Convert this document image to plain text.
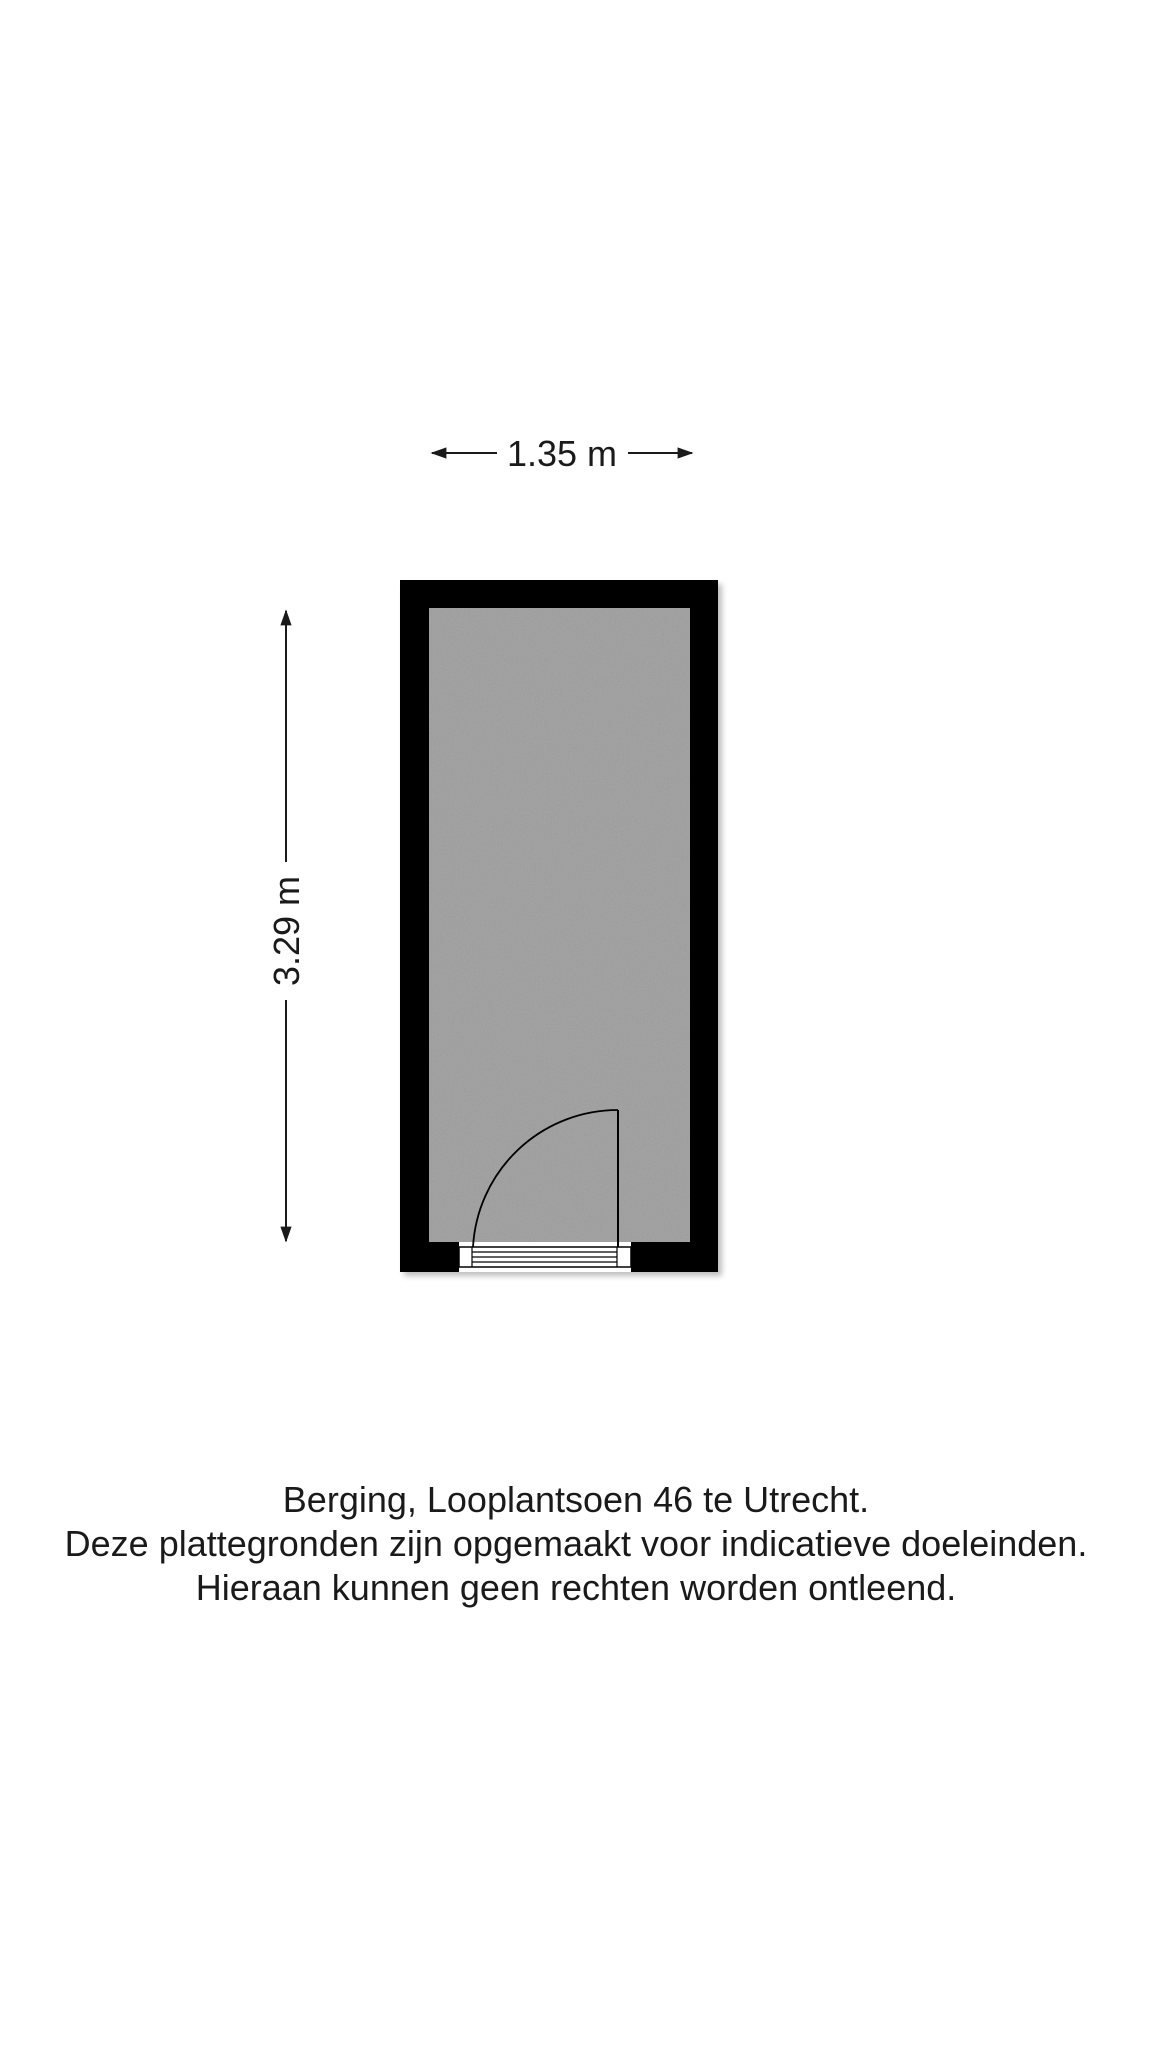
1.35 m
3.29 m
Berging, Looplantsoen 46 te Utrecht.
Deze plattegronden zijn opgemaakt voor indicatieve doeleinden.
Hieraan kunnen geen rechten worden ontleend.
